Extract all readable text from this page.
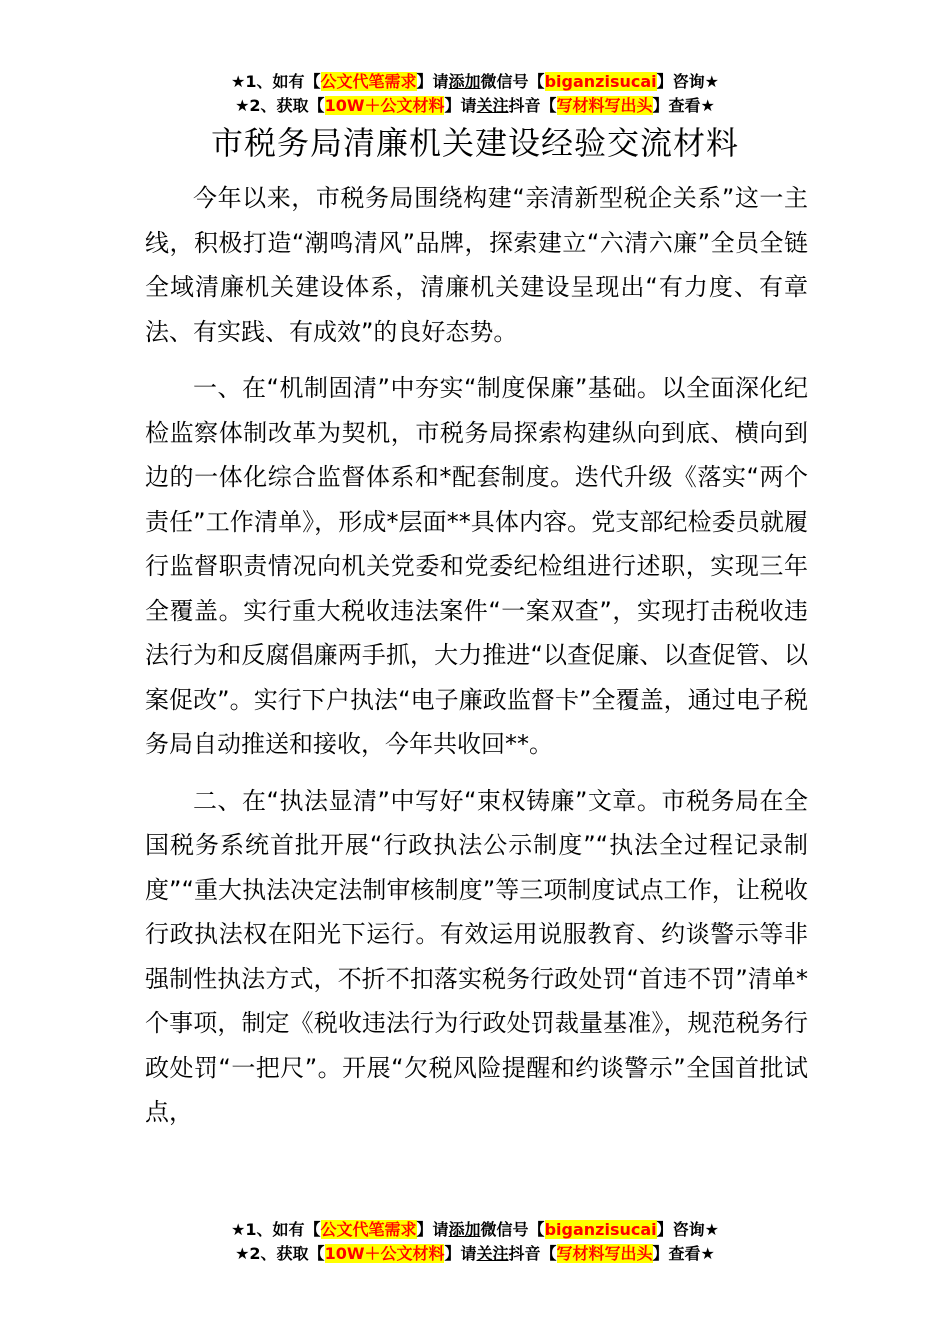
★1、如有【公文代笔需求】请添加微信号【biganzisucai】咨询★
★2、获取【10W＋公文材料】请关注抖音【写材料写出头】查看★
市税务局清廉机关建设经验交流材料

今年以来，市税务局围绕构建“亲清新型税企关系”这一主线，积极打造“潮鸣清风”品牌，探索建立“六清六廉”全员全链全域清廉机关建设体系，清廉机关建设呈现出“有力度、有章法、有实践、有成效”的良好态势。

一、在“机制固清”中夯实“制度保廉”基础。以全面深化纪检监察体制改革为契机，市税务局探索构建纵向到底、横向到边的一体化综合监督体系和*配套制度。迭代升级《落实“两个责任”工作清单》，形成*层面**具体内容。党支部纪检委员就履行监督职责情况向机关党委和党委纪检组进行述职，实现三年全覆盖。实行重大税收违法案件“一案双查”，实现打击税收违法行为和反腐倡廉两手抓，大力推进“以查促廉、以查促管、以案促改”。实行下户执法“电子廉政监督卡”全覆盖，通过电子税务局自动推送和接收，今年共收回**。

二、在“执法显清”中写好“束权铸廉”文章。市税务局在全国税务系统首批开展“行政执法公示制度”“执法全过程记录制度”“重大执法决定法制审核制度”等三项制度试点工作，让税收行政执法权在阳光下运行。有效运用说服教育、约谈警示等非强制性执法方式，不折不扣落实税务行政处罚“首违不罚”清单*个事项，制定《税收违法行为行政处罚裁量基准》，规范税务行政处罚“一把尺”。开展“欠税风险提醒和约谈警示”全国首批试点，

★1、如有【公文代笔需求】请添加微信号【biganzisucai】咨询★
★2、获取【10W＋公文材料】请关注抖音【写材料写出头】查看★
